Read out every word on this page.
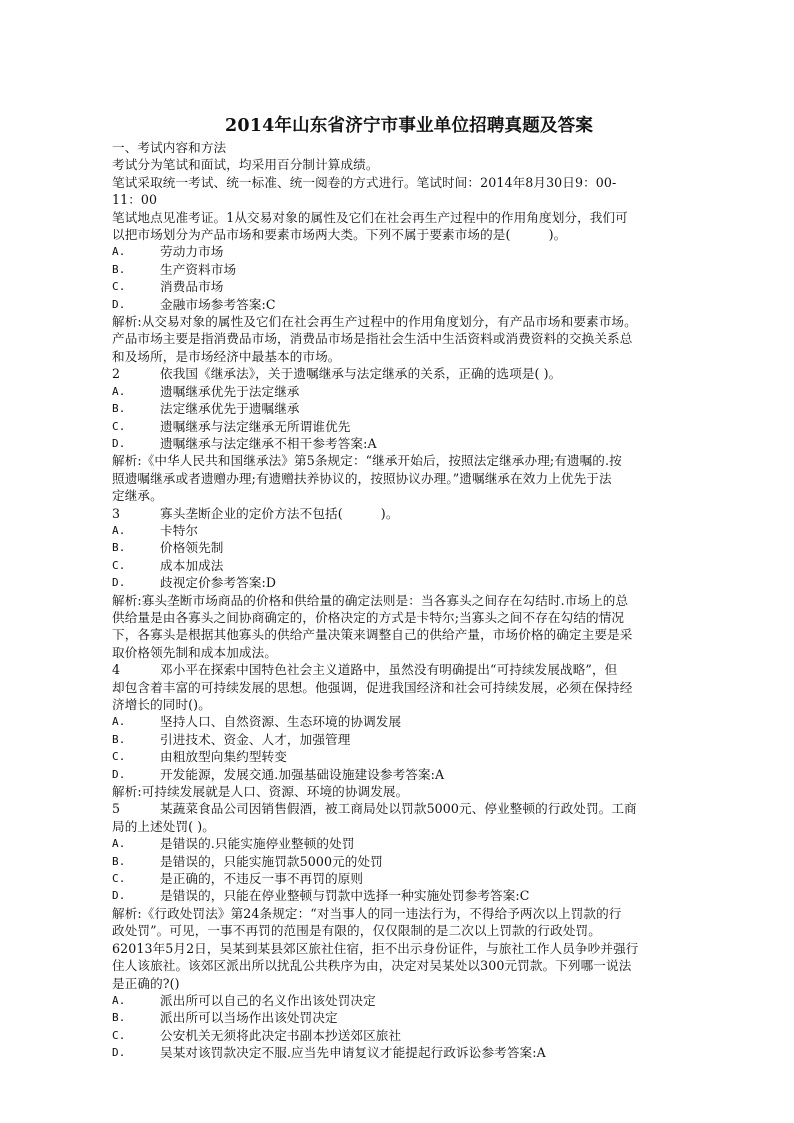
2014年山东省济宁市事业单位招聘真题及答案
一、考试内容和方法
考试分为笔试和面试，均采用百分制计算成绩。
笔试采取统一考试、统一标准、统一阅卷的方式进行。笔试时间：2014年8月30日9：00-
11：00
笔试地点见准考证。1从交易对象的属性及它们在社会再生产过程中的作用角度划分，我们可
以把市场划分为产品市场和要素市场两大类。下列不属于要素市场的是(　　　)。
A.	劳动力市场
B.	生产资料市场
C.	消费品市场
D.	金融市场参考答案:C
解析:从交易对象的属性及它们在社会再生产过程中的作用角度划分，有产品市场和要素市场。
产品市场主要是指消费品市场，消费品市场是指社会生活中生活资料或消费资料的交换关系总
和及场所，是市场经济中最基本的市场。
2	依我国《继承法》，关于遗嘱继承与法定继承的关系，正确的选项是( )。
A.	遗嘱继承优先于法定继承
B.	法定继承优先于遗嘱继承
C.	遗嘱继承与法定继承无所谓谁优先
D.	遗嘱继承与法定继承不相干参考答案:A
解析:《中华人民共和国继承法》第5条规定：“继承开始后，按照法定继承办理;有遗嘱的.按
照遗嘱继承或者遗赠办理;有遗赠扶养协议的，按照协议办理。”遗嘱继承在效力上优先于法
定继承。
3	寡头垄断企业的定价方法不包括(　　　)。
A.	卡特尔
B.	价格领先制
C.	成本加成法
D.	歧视定价参考答案:D
解析:寡头垄断市场商品的价格和供给量的确定法则是：当各寡头之间存在勾结时.市场上的总
供给量是由各寡头之间协商确定的，价格决定的方式是卡特尔;当寡头之间不存在勾结的情况
下，各寡头是根据其他寡头的供给产量决策来调整自己的供给产量，市场价格的确定主要是采
取价格领先制和成本加成法。
4	邓小平在探索中国特色社会主义道路中，虽然没有明确提出“可持续发展战略”，但
却包含着丰富的可持续发展的思想。他强调，促进我国经济和社会可持续发展，必须在保持经
济增长的同时()。
A.	坚持人口、自然资源、生态环境的协调发展
B.	引进技术、资金、人才，加强管理
C.	由粗放型向集约型转变
D.	开发能源，发展交通.加强基础设施建设参考答案:A
解析:可持续发展就是人口、资源、环境的协调发展。
5	某蔬菜食品公司因销售假酒，被工商局处以罚款5000元、停业整顿的行政处罚。工商
局的上述处罚( )。
A.	是错误的.只能实施停业整顿的处罚
B.	是错误的，只能实施罚款5000元的处罚
C.	是正确的，不违反一事不再罚的原则
D.	是错误的，只能在停业整顿与罚款中选择一种实施处罚参考答案:C
解析:《行政处罚法》第24条规定：“对当事人的同一违法行为，不得给予两次以上罚款的行
政处罚”。可见，一事不再罚的范围是有限的，仅仅限制的是二次以上罚款的行政处罚。
62013年5月2日，吴某到某县郊区旅社住宿，拒不出示身份证件，与旅社工作人员争吵并强行
住人该旅社。该郊区派出所以扰乱公共秩序为由，决定对吴某处以300元罚款。下列哪一说法
是正确的?()
A.	派出所可以自己的名义作出该处罚决定
B.	派出所可以当场作出该处罚决定
C.	公安机关无须将此决定书副本抄送郊区旅社
D.	吴某对该罚款决定不服.应当先申请复议才能提起行政诉讼参考答案:A
